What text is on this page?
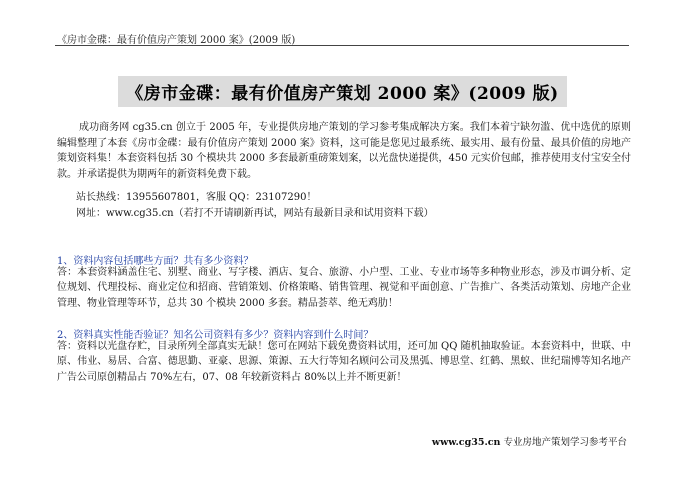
《房市金碟：最有价值房产策划 2000 案》(2009 版)
《房市金碟：最有价值房产策划 2000 案》(2009 版)

成功商务网 cg35.cn 创立于 2005 年，专业提供房地产策划的学习参考集成解决方案。我们本着宁缺勿滥、优中选优的原则编辑整理了本套《房市金碟：最有价值房产策划 2000 案》资料，这可能是您见过最系统、最实用、最有份量、最具价值的房地产策划资料集！本套资料包括 30 个模块共 2000 多套最新重磅策划案，以光盘快递提供，450 元实价包邮，推荐使用支付宝安全付款。并承诺提供为期两年的新资料免费下载。

站长热线：13955607801，客服 QQ：23107290！
网址：www.cg35.cn（若打不开请刷新再试，网站有最新目录和试用资料下载）
1、资料内容包括哪些方面？共有多少资料？

答：本套资料涵盖住宅、别墅、商业、写字楼、酒店、复合、旅游、小户型、工业、专业市场等多种物业形态，涉及市调分析、定位规划、代理投标、商业定位和招商、营销策划、价格策略、销售管理、视觉和平面创意、广告推广、各类活动策划、房地产企业管理、物业管理等环节，总共 30 个模块 2000 多套。精品荟萃、绝无鸡肋！

2、资料真实性能否验证？知名公司资料有多少？资料内容到什么时间？

答：资料以光盘存贮，目录所列全部真实无缺！您可在网站下载免费资料试用，还可加 QQ 随机抽取验证。本套资料中，世联、中原、伟业、易居、合富、德思勤、亚豪、思源、策源、五大行等知名顾问公司及黑弧、博思堂、红鹤、黑蚁、世纪瑞博等知名地产广告公司原创精品占 70%左右，07、08 年较新资料占 80%以上并不断更新！

www.cg35.cn 专业房地产策划学习参考平台
